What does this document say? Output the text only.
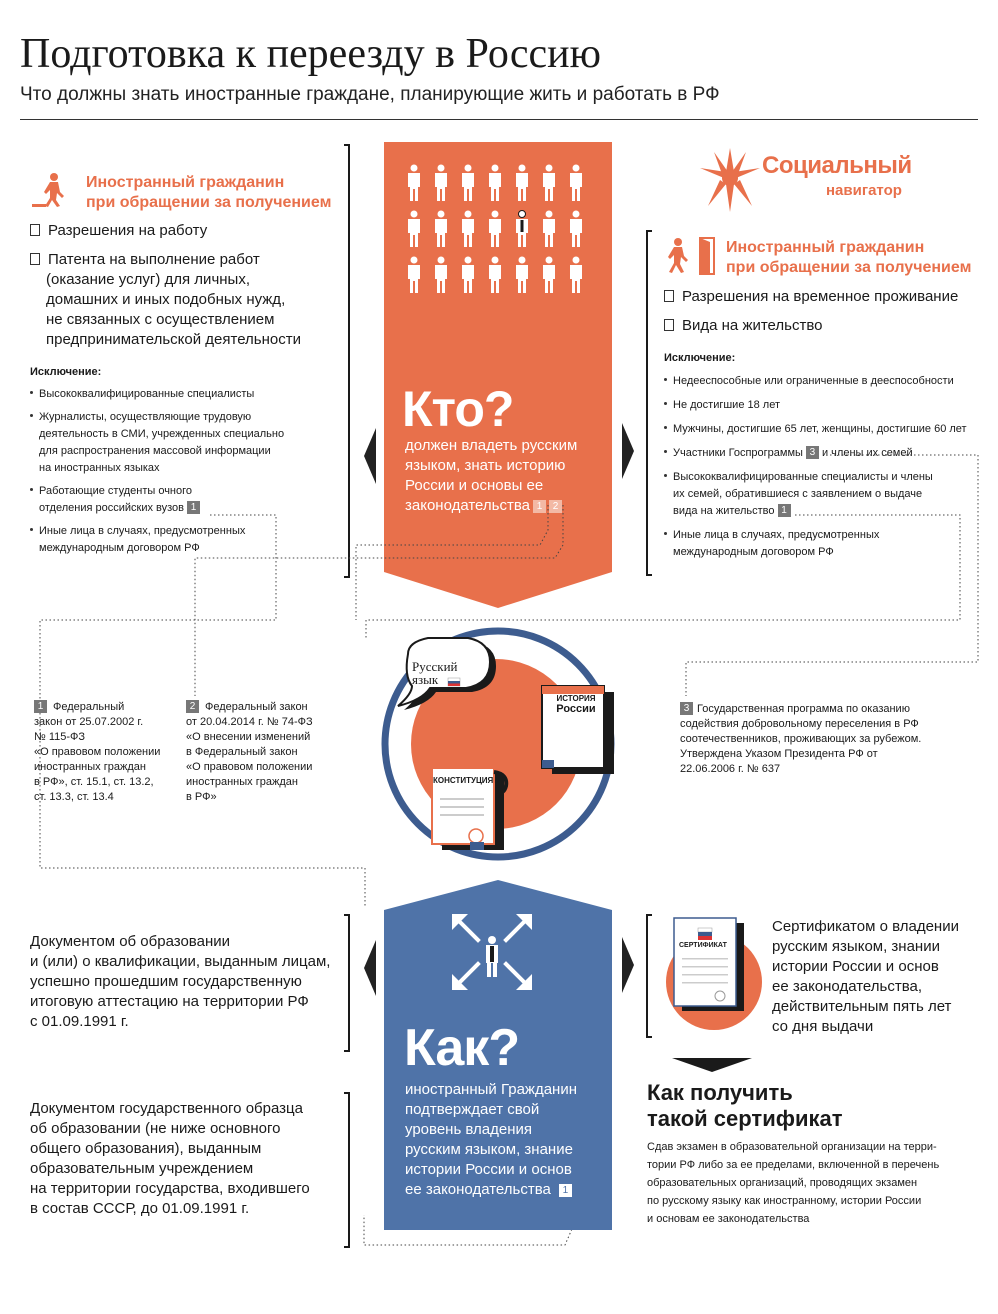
Подготовка к переезду в Россию
Что должны знать иностранные граждане, планирующие жить и работать в РФ
Социальный
навигатор
Иностранный гражданин
при обращении за получением
Разрешения на работу
Патента на выполнение работ
(оказание услуг) для личных,
домашних и иных подобных нужд,
не связанных с осуществлением
предпринимательской деятельности
Исключение:
Высококвалифицированные специалисты
Журналисты, осуществляющие трудовую
деятельность в СМИ, учрежденных специально
для распространения массовой информации
на иностранных языках
Работающие студенты очного
отделения российских вузов 1
Иные лица в случаях, предусмотренных
международным договором РФ
Кто?
должен владеть русским
языком, знать историю
России и основы ее
законодательства 1 2
Иностранный гражданин
при обращении за получением
Разрешения на временное проживание
Вида на жительство
Исключение:
Недееспособные или ограниченные в дееспособности
Не достигшие 18 лет
Мужчины, достигшие 65 лет, женщины, достигшие 60 лет
Участники Госпрограммы 3 и члены их семей
Высококвалифицированные специалисты и члены
их семей, обратившиеся с заявлением о выдаче
вида на жительство 1
Иные лица в случаях, предусмотренных
международным договором РФ
Русский
язык
ИСТОРИЯ
России
КОНСТИТУЦИЯ
1 Федеральный
закон от 25.07.2002 г.
№ 115-ФЗ
«О правовом положении
иностранных граждан
в РФ», ст. 15.1, ст. 13.2,
ст. 13.3, ст. 13.4
2 Федеральный закон
от 20.04.2014 г. № 74-ФЗ
«О внесении изменений
в Федеральный закон
«О правовом положении
иностранных граждан
в РФ»
3 Государственная программа по оказанию
содействия добровольному переселения в РФ
соотечественников, проживающих за рубежом.
Утверждена Указом Президента РФ от
22.06.2006 г. № 637
Как?
иностранный Гражданин
подтверждает свой
уровень владения
русским языком, знание
истории России и основ
ее законодательства 1
Документом об образовании
и (или) о квалификации, выданным лицам,
успешно прошедшим государственную
итоговую аттестацию на территории РФ
с 01.09.1991 г.
Документом государственного образца
об образовании (не ниже основного
общего образования), выданным
образовательным учреждением
на территории государства, входившего
в состав СССР, до 01.09.1991 г.
СЕРТИФИКАТ
Сертификатом о владении
русским языком, знании
истории России и основ
ее законодательства,
действительным пять лет
со дня выдачи
Как получить
такой сертификат
Сдав экзамен в образовательной организации на терри-
тории РФ либо за ее пределами, включенной в перечень
образовательных организаций, проводящих экзамен
по русскому языку как иностранному, истории России
и основам ее законодательства
